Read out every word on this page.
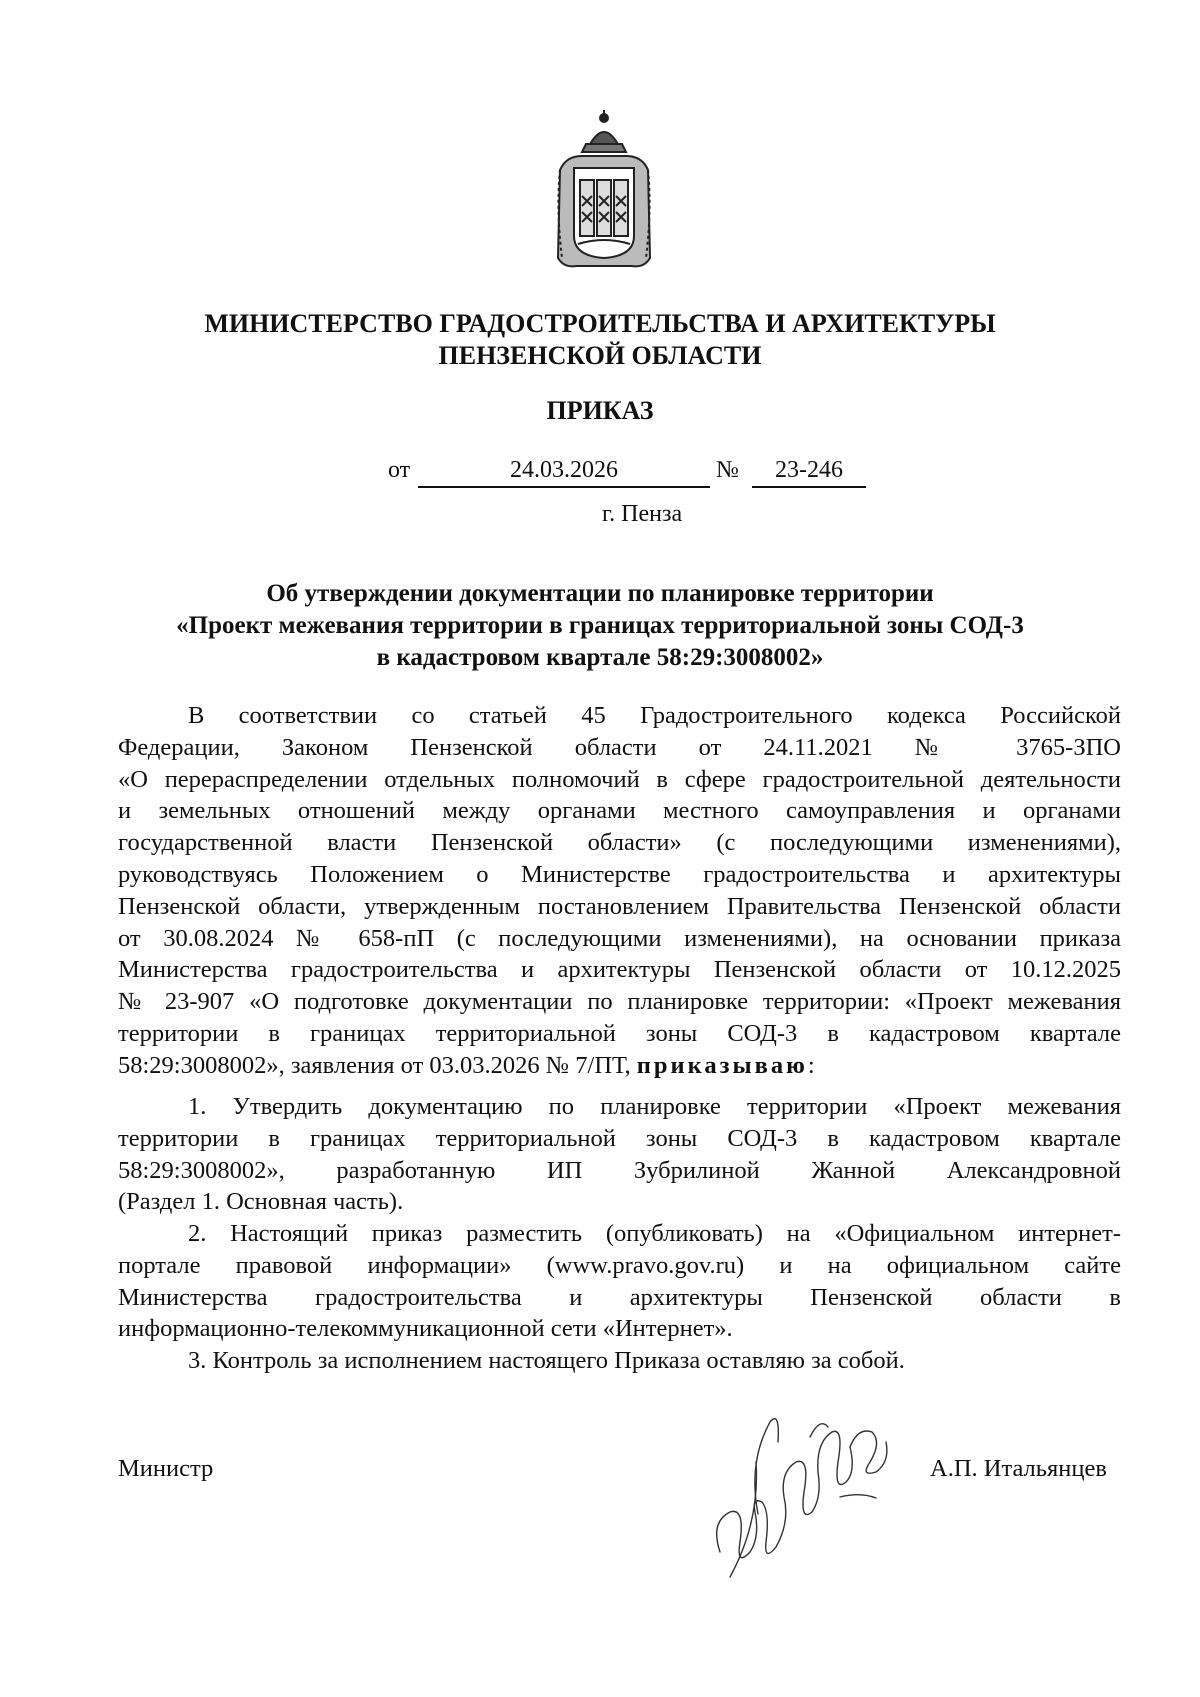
МИНИСТЕРСТВО ГРАДОСТРОИТЕЛЬСТВА И АРХИТЕКТУРЫ
ПЕНЗЕНСКОЙ ОБЛАСТИ
ПРИКАЗ
от	24.03.2026	№	23-246
г. Пенза
Об утверждении документации по планировке территории
«Проект межевания территории в границах территориальной зоны СОД-3
в кадастровом квартале 58:29:3008002»
В соответствии со статьей 45 Градостроительного кодекса Российской
Федерации, Законом Пензенской области от 24.11.2021 № 3765-ЗПО
«О перераспределении отдельных полномочий в сфере градостроительной деятельности
и земельных отношений между органами местного самоуправления и органами
государственной власти Пензенской области» (с последующими изменениями),
руководствуясь Положением о Министерстве градостроительства и архитектуры
Пензенской области, утвержденным постановлением Правительства Пензенской области
от 30.08.2024 № 658-пП (с последующими изменениями), на основании приказа
Министерства градостроительства и архитектуры Пензенской области от 10.12.2025
№ 23-907 «О подготовке документации по планировке территории: «Проект межевания
территории в границах территориальной зоны СОД-3 в кадастровом квартале
58:29:3008002», заявления от 03.03.2026 № 7/ПТ, приказываю:
1. Утвердить документацию по планировке территории «Проект межевания
территории в границах территориальной зоны СОД-3 в кадастровом квартале
58:29:3008002», разработанную ИП Зубрилиной Жанной Александровной
(Раздел 1. Основная часть).
2. Настоящий приказ разместить (опубликовать) на «Официальном интернет-
портале правовой информации» (www.pravo.gov.ru) и на официальном сайте
Министерства градостроительства и архитектуры Пензенской области в
информационно-телекоммуникационной сети «Интернет».
3. Контроль за исполнением настоящего Приказа оставляю за собой.
Министр	А.П. Итальянцев
